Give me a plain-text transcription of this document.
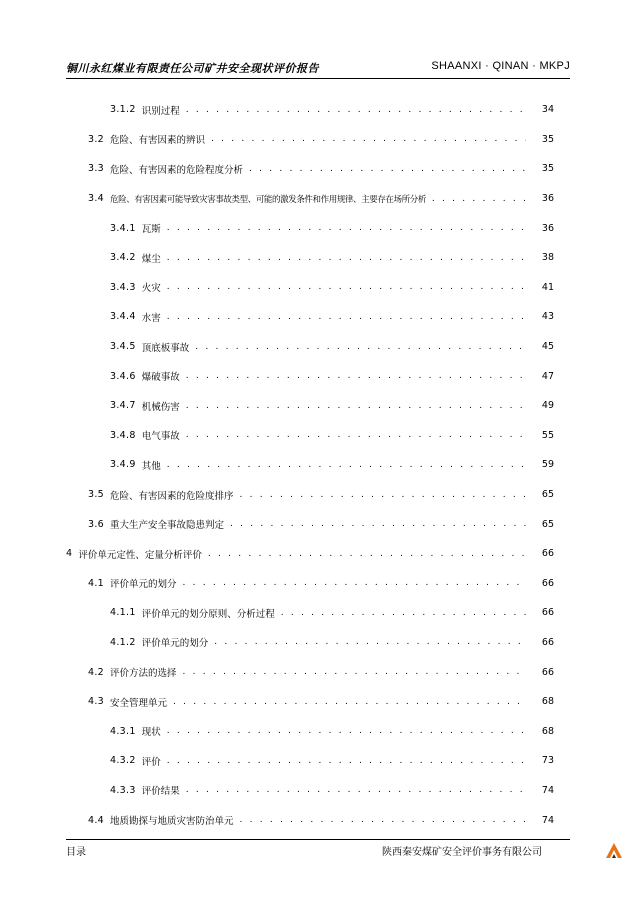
铜川永红煤业有限责任公司矿井安全现状评价报告	SHAANXI · QINAN · MKPJ
3.1.2 识别过程 . . .	34
3.2 危险、有害因素的辨识 . . .	35
3.3 危险、有害因素的危险程度分析 . . .	35
3.4 危险、有害因素可能导致灾害事故类型、可能的激发条件和作用规律、主要存在场所分析 . . .	36
3.4.1 瓦斯 . . .	36
3.4.2 煤尘 . . .	38
3.4.3 火灾 . . .	41
3.4.4 水害 . . .	43
3.4.5 顶底板事故 . . .	45
3.4.6 爆破事故 . . .	47
3.4.7 机械伤害 . . .	49
3.4.8 电气事故 . . .	55
3.4.9 其他 . . .	59
3.5 危险、有害因素的危险度排序 . . .	65
3.6 重大生产安全事故隐患判定 . . .	65
4 评价单元定性、定量分析评价 . . .	66
4.1 评价单元的划分 . . .	66
4.1.1 评价单元的划分原则、分析过程 . . .	66
4.1.2 评价单元的划分 . . .	66
4.2 评价方法的选择 . . .	66
4.3 安全管理单元 . . .	68
4.3.1 现状 . . .	68
4.3.2 评价 . . .	73
4.3.3 评价结果 . . .	74
4.4 地质勘探与地质灾害防治单元 . . .	74
目录	陕西秦安煤矿安全评价事务有限公司
